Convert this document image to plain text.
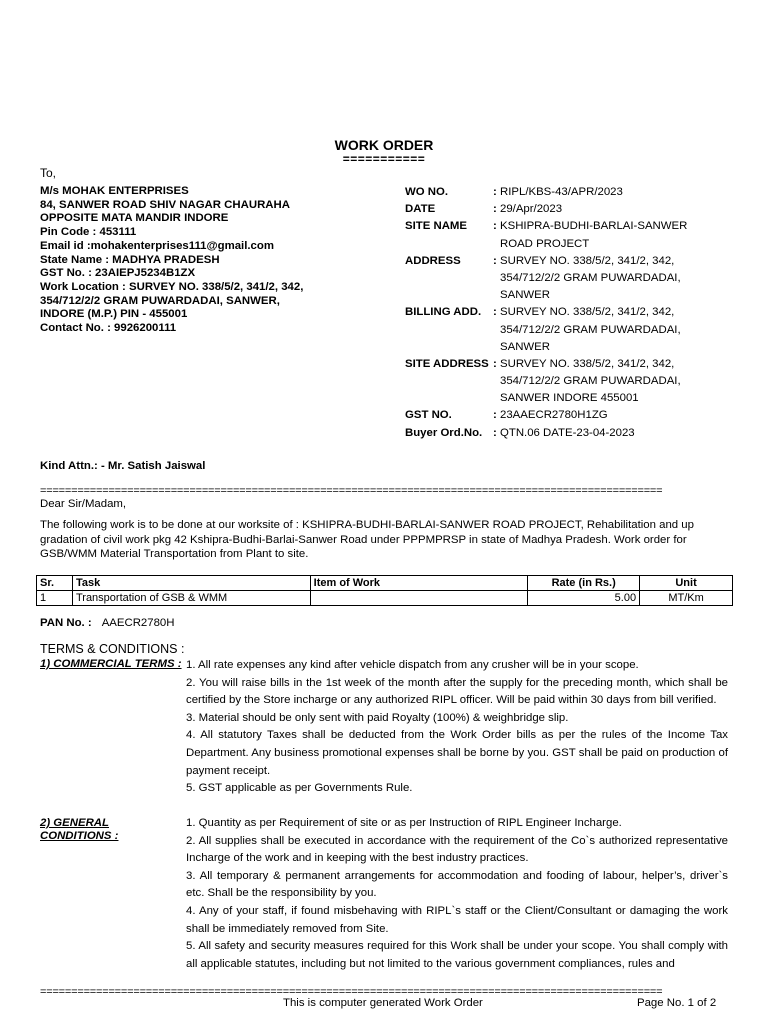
WORK ORDER
===========
To,
M/s MOHAK ENTERPRISES
84, SANWER ROAD SHIV NAGAR CHAURAHA
OPPOSITE MATA MANDIR INDORE
Pin Code : 453111
Email id :mohakenterprises111@gmail.com
State Name : MADHYA PRADESH
GST No. : 23AIEPJ5234B1ZX
Work Location : SURVEY NO. 338/5/2, 341/2, 342,
354/712/2/2 GRAM PUWARDADAI, SANWER,
INDORE (M.P.) PIN - 455001
Contact No. : 9926200111
WO NO.	: RIPL/KBS-43/APR/2023
DATE	: 29/Apr/2023
SITE NAME : KSHIPRA-BUDHI-BARLAI-SANWER
ROAD PROJECT
ADDRESS	: SURVEY NO. 338/5/2, 341/2, 342,
354/712/2/2 GRAM PUWARDADAI,
SANWER
BILLING ADD. : SURVEY NO. 338/5/2, 341/2, 342,
354/712/2/2 GRAM PUWARDADAI,
SANWER
SITE ADDRESS : SURVEY NO. 338/5/2, 341/2, 342,
354/712/2/2 GRAM PUWARDADAI,
SANWER INDORE 455001
GST NO.	: 23AAECR2780H1ZG
Buyer Ord.No. : QTN.06 DATE-23-04-2023
Kind Attn.: - Mr. Satish Jaiswal
====================================================================================================
Dear Sir/Madam,
The following work is to be done at our worksite of : KSHIPRA-BUDHI-BARLAI-SANWER ROAD PROJECT, Rehabilitation and up gradation of civil work pkg 42 Kshipra-Budhi-Barlai-Sanwer Road under PPPMPRSP in state of Madhya Pradesh. Work order for GSB/WMM Material Transportation from Plant to site.
Sr.	Task	Item of Work	Rate (in Rs.)	Unit
1	Transportation of GSB & WMM		5.00	MT/Km
PAN No. : AAECR2780H
TERMS & CONDITIONS :
1) COMMERCIAL TERMS : 1. All rate expenses any kind after vehicle dispatch from any crusher will be in your scope.

2. You will raise bills in the 1st week of the month after the supply for the preceding month, which shall be certified by the Store incharge or any authorized RIPL officer. Will be paid within 30 days from bill verified.

3. Material should be only sent with paid Royalty (100%) & weighbridge slip.

4. All statutory Taxes shall be deducted from the Work Order bills as per the rules of the Income Tax Department. Any business promotional expenses shall be borne by you. GST shall be paid on production of payment receipt.

5. GST applicable as per Governments Rule.

2) GENERAL CONDITIONS :

1. Quantity as per Requirement of site or as per Instruction of RIPL Engineer Incharge.

2. All supplies shall be executed in accordance with the requirement of the Co`s authorized representative Incharge of the work and in keeping with the best industry practices.

3. All temporary & permanent arrangements for accommodation and fooding of labour, helper’s, driver`s etc. Shall be the responsibility by you.

4. Any of your staff, if found misbehaving with RIPL`s staff or the Client/Consultant or damaging the work shall be immediately removed from Site.

5. All safety and security measures required for this Work shall be under your scope. You shall comply with all applicable statutes, including but not limited to the various government compliances, rules and

====================================================================================================
This is computer generated Work Order	Page No. 1 of 2
